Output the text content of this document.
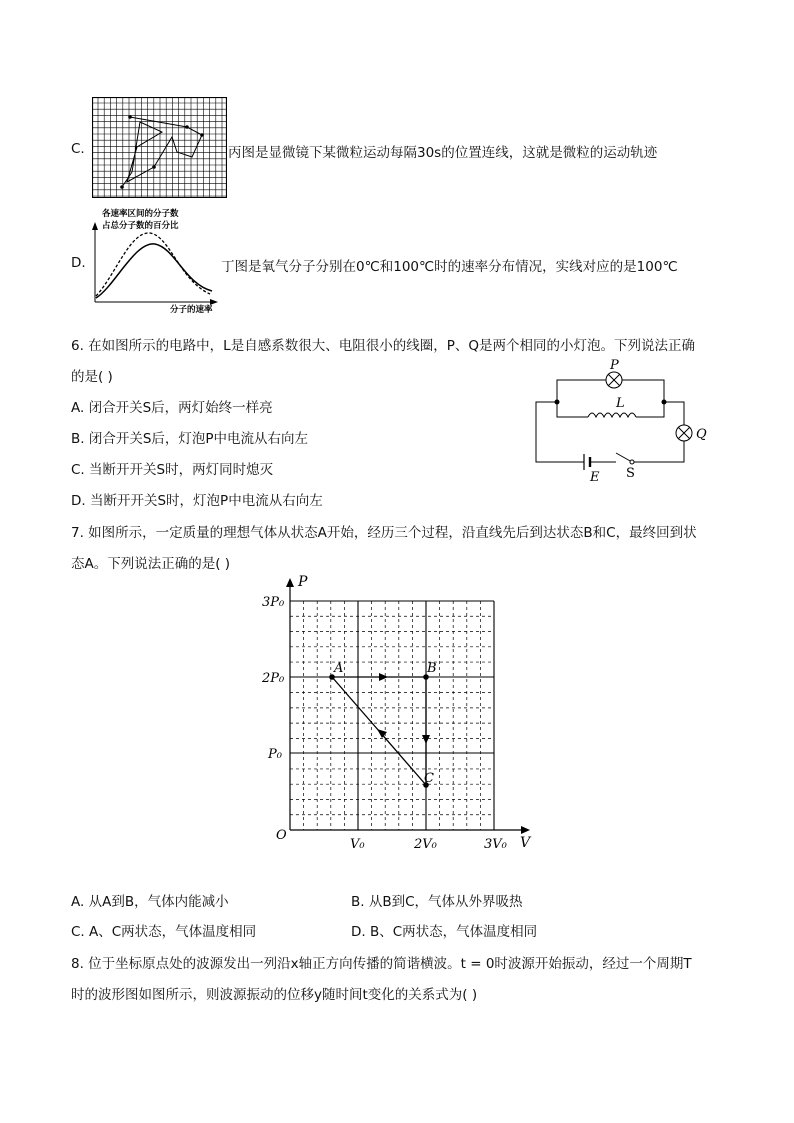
C.	丙图是显微镜下某微粒运动每隔30s的位置连线，这就是微粒的运动轨迹
D.
各速率区间的分子数
占总分子数的百分比
分子的速率
丁图是氧气分子分别在0℃和100℃时的速率分布情况，实线对应的是100℃
6. 在如图所示的电路中，L是自感系数很大、电阻很小的线圈，P、Q是两个相同的小灯泡。下列说法正确
的是( )
A. 闭合开关S后，两灯始终一样亮
B. 闭合开关S后，灯泡P中电流从右向左
C. 当断开开关S时，两灯同时熄灭
D. 当断开开关S时，灯泡P中电流从右向左
P
L
Q
E S
7. 如图所示，一定质量的理想气体从状态A开始，经历三个过程，沿直线先后到达状态B和C，最终回到状
态A。下列说法正确的是( )
A	B
C
P
V
O
3P₀
2P₀
P₀
V₀	2V₀	3V₀
A. 从A到B，气体内能减小	B. 从B到C，气体从外界吸热
C. A、C两状态，气体温度相同	D. B、C两状态，气体温度相同
8. 位于坐标原点处的波源发出一列沿x轴正方向传播的简谐横波。t = 0时波源开始振动，经过一个周期T
时的波形图如图所示，则波源振动的位移y随时间t变化的关系式为( )
